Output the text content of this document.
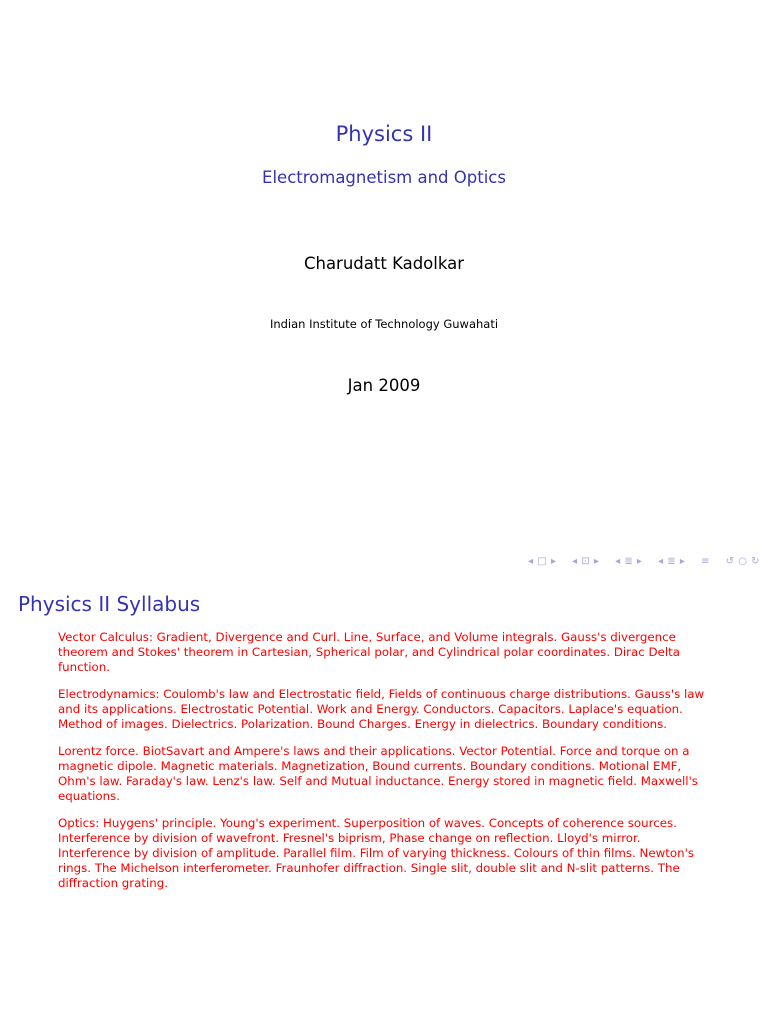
Physics II
Electromagnetism and Optics
Charudatt Kadolkar
Indian Institute of Technology Guwahati
Jan 2009
◂ □ ▸ ◂ ⊡ ▸ ◂ ≣ ▸ ◂ ≣ ▸ ≡ ↺ ○ ↻
Physics II Syllabus

Vector Calculus: Gradient, Divergence and Curl. Line, Surface, and Volume integrals. Gauss's divergence theorem and Stokes' theorem in Cartesian, Spherical polar, and Cylindrical polar coordinates. Dirac Delta function.

Electrodynamics: Coulomb's law and Electrostatic field, Fields of continuous charge distributions. Gauss's law and its applications. Electrostatic Potential. Work and Energy. Conductors. Capacitors. Laplace's equation. Method of images. Dielectrics. Polarization. Bound Charges. Energy in dielectrics. Boundary conditions.

Lorentz force. BiotSavart and Ampere's laws and their applications. Vector Potential. Force and torque on a magnetic dipole. Magnetic materials. Magnetization, Bound currents. Boundary conditions. Motional EMF, Ohm's law. Faraday's law. Lenz's law. Self and Mutual inductance. Energy stored in magnetic field. Maxwell's equations.

Optics: Huygens' principle. Young's experiment. Superposition of waves. Concepts of coherence sources. Interference by division of wavefront. Fresnel's biprism, Phase change on reflection. Lloyd's mirror. Interference by division of amplitude. Parallel film. Film of varying thickness. Colours of thin films. Newton's rings. The Michelson interferometer. Fraunhofer diffraction. Single slit, double slit and N-slit patterns. The diffraction grating.
